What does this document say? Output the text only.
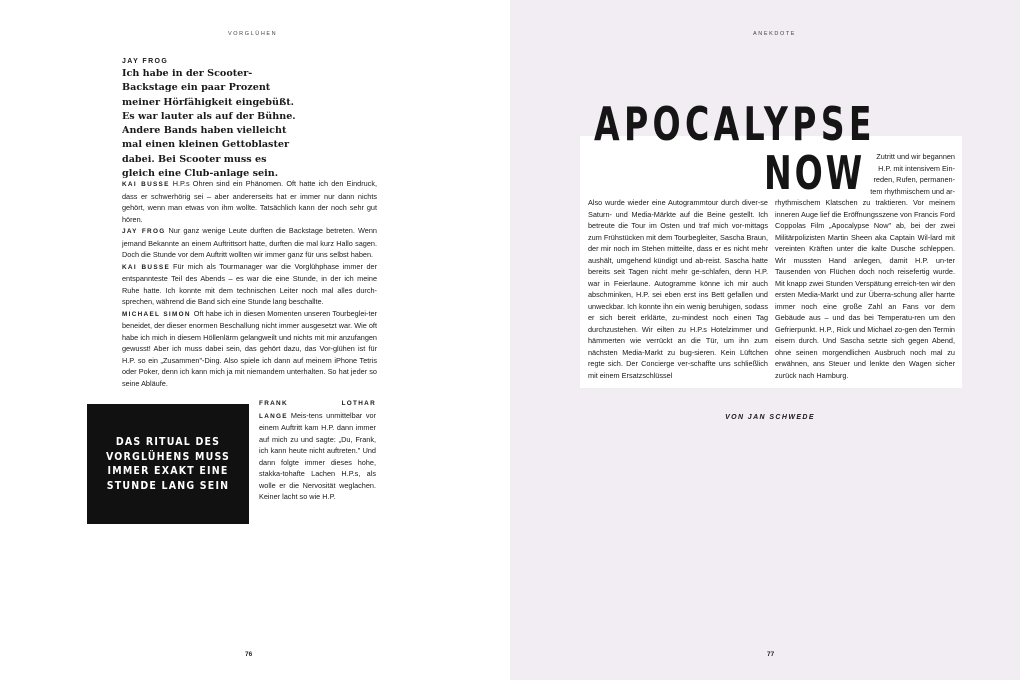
VORGLÜHEN
JAY FROG

Ich habe in der Scooter-Backstage ein paar Prozent meiner Hörfähigkeit eingebüßt. Es war lauter als auf der Bühne. Andere Bands haben vielleicht mal einen kleinen Gettoblaster dabei. Bei Scooter muss es gleich eine Club-anlage sein.

KAI BUSSE H.P.s Ohren sind ein Phänomen. Oft hatte ich den Eindruck, dass er schwerhörig sei – aber andererseits hat er immer nur dann nichts gehört, wenn man etwas von ihm wollte. Tatsächlich kann der noch sehr gut hören.

JAY FROG Nur ganz wenige Leute durften die Backstage betreten. Wenn jemand Bekannte an einem Auftrittsort hatte, durften die mal kurz Hallo sagen. Doch die Stunde vor dem Auftritt wollten wir immer ganz für uns selbst haben.

KAI BUSSE Für mich als Tourmanager war die Vorglühphase immer der entspannteste Teil des Abends – es war die eine Stunde, in der ich meine Ruhe hatte. Ich konnte mit dem technischen Leiter noch mal alles durch-sprechen, während die Band sich eine Stunde lang beschallte.

MICHAEL SIMON Oft habe ich in diesen Momenten unseren Tourbeglei-ter beneidet, der dieser enormen Beschallung nicht immer ausgesetzt war. Wie oft habe ich mich in diesem Höllenlärm gelangweilt und nichts mit mir anzufangen gewusst! Aber ich muss dabei sein, das gehört dazu, das Vor-glühen ist für H.P. so ein „Zusammen"-Ding. Also spiele ich dann auf meinem iPhone Tetris oder Poker, denn ich kann mich ja mit niemandem unterhalten. So hat jeder so seine Abläufe.

DAS RITUAL DES VORGLÜHENS MUSS IMMER EXAKT EINE STUNDE LANG SEIN

FRANK LOTHAR LANGE Meis-tens unmittelbar vor einem Auftritt kam H.P. dann immer auf mich zu und sagte: „Du, Frank, ich kann heute nicht auftreten." Und dann folgte immer dieses hohe, stakka-tohafte Lachen H.P.s, als wolle er die Nervosität weglachen. Keiner lacht so wie H.P.

76
ANEKDOTE
APOCALYPSE
NOW	Zutritt und wir begannen H.P. mit intensivem Ein-reden, Rufen, permanen-tem rhythmischem und ar-

Also wurde wieder eine Autogrammtour durch diver-se Saturn- und Media-Märkte auf die Beine gestellt. Ich betreute die Tour im Osten und traf mich vor-mittags zum Frühstücken mit dem Tourbegleiter, Sascha Braun, der mir noch im Stehen mitteilte, dass er es nicht mehr aushält, umgehend kündigt und ab-reist. Sascha hatte bereits seit Tagen nicht mehr ge-schlafen, denn H.P. war in Feierlaune. Autogramme könne ich mir auch abschminken, H.P. sei eben erst ins Bett gefallen und unweckbar. Ich konnte ihn ein wenig beruhigen, sodass er sich bereit erklärte, zu-mindest noch einen Tag durchzustehen. Wir eilten zu H.P.s Hotelzimmer und hämmerten wie verrückt an die Tür, um ihn zum nächsten Media-Markt zu bug-sieren. Kein Lüftchen regte sich. Der Concierge ver-schaffte uns schließlich mit einem Ersatzschlüssel

rhythmischem Klatschen zu traktieren. Vor meinem inneren Auge lief die Eröffnungsszene von Francis Ford Coppolas Film „Apocalypse Now" ab, bei der zwei Militärpolizisten Martin Sheen aka Captain Wil-lard mit vereinten Kräften unter die kalte Dusche schleppen. Wir mussten Hand anlegen, damit H.P. un-ter Tausenden von Flüchen doch noch reisefertig wurde. Mit knapp zwei Stunden Verspätung erreich-ten wir den ersten Media-Markt und zur Überra-schung aller harrte immer noch eine große Zahl an Fans vor dem Gebäude aus – und das bei Temperatu-ren um den Gefrierpunkt. H.P., Rick und Michael zo-gen den Termin eisern durch. Und Sascha setzte sich gegen Abend, ohne seinen morgendlichen Ausbruch noch mal zu erwähnen, ans Steuer und lenkte den Wagen sicher zurück nach Hamburg.

VON JAN SCHWEDE
77
